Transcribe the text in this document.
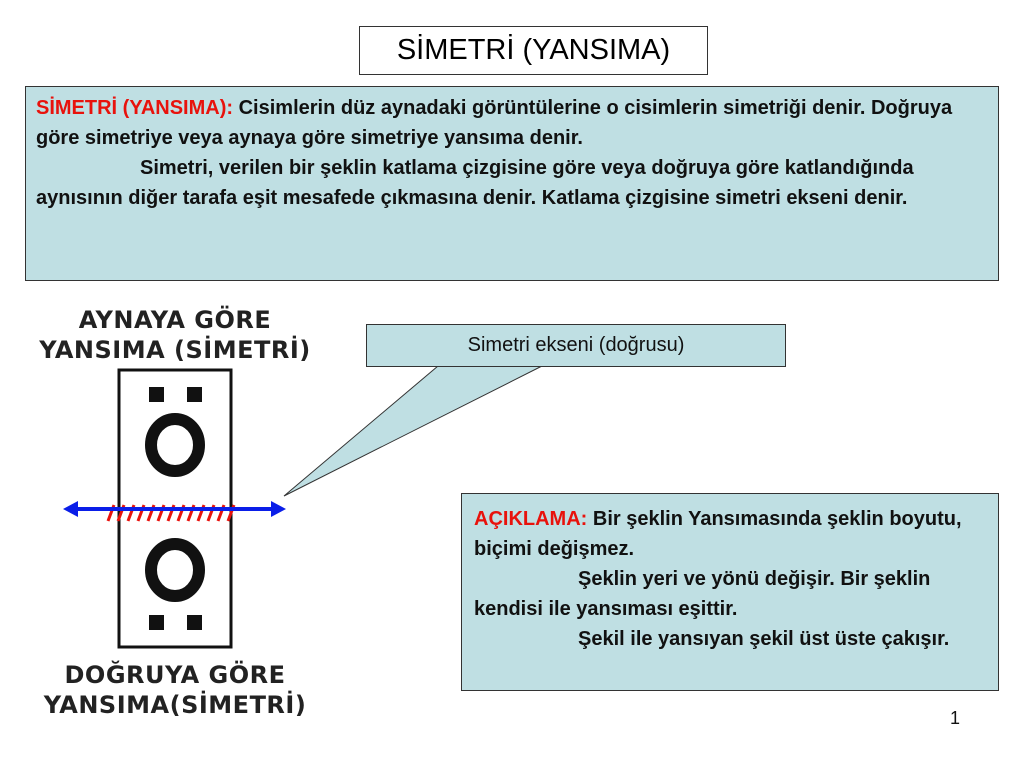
SİMETRİ (YANSIMA)
SİMETRİ (YANSIMA): Cisimlerin düz aynadaki görüntülerine o cisimlerin simetriği denir. Doğruya göre simetriye veya aynaya göre simetriye yansıma denir.
Simetri, verilen bir şeklin katlama çizgisine göre veya doğruya göre katlandığında aynısının diğer tarafa eşit mesafede çıkmasına denir. Katlama çizgisine simetri ekseni denir.
Simetri ekseni (doğrusu)
AYNAYA GÖRE
YANSIMA (SİMETRİ)
DOĞRUYA GÖRE
YANSIMA(SİMETRİ)
AÇIKLAMA: Bir şeklin Yansımasında şeklin boyutu, biçimi değişmez.
Şeklin yeri ve yönü değişir. Bir şeklin kendisi ile yansıması eşittir.
Şekil ile yansıyan şekil üst üste çakışır.
1
